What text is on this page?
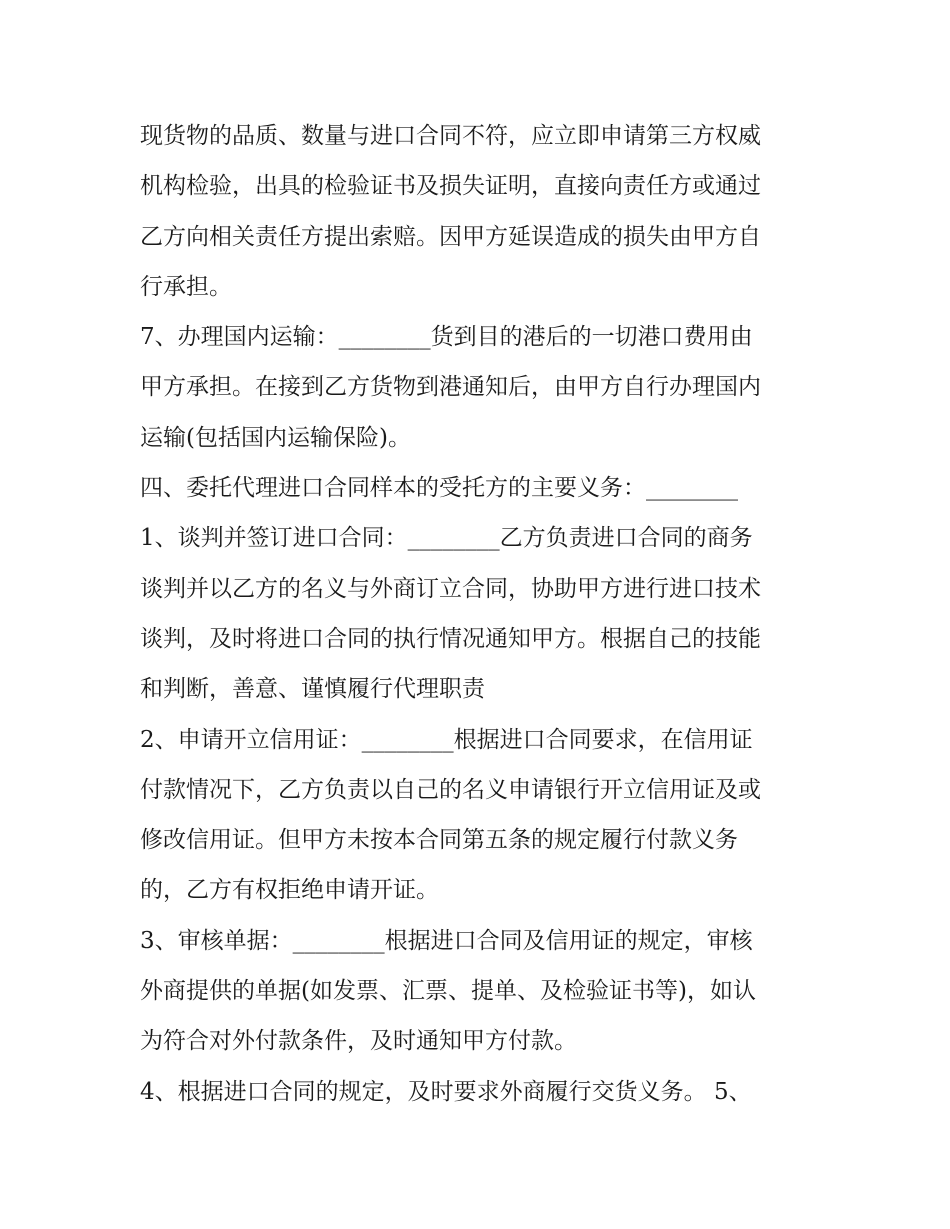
现货物的品质、数量与进口合同不符，应立即申请第三方权威
机构检验，出具的检验证书及损失证明，直接向责任方或通过
乙方向相关责任方提出索赔。因甲方延误造成的损失由甲方自
行承担。
7、办理国内运输：________货到目的港后的一切港口费用由
甲方承担。在接到乙方货物到港通知后，由甲方自行办理国内
运输(包括国内运输保险)。
四、委托代理进口合同样本的受托方的主要义务：________
1、谈判并签订进口合同：________乙方负责进口合同的商务
谈判并以乙方的名义与外商订立合同，协助甲方进行进口技术
谈判，及时将进口合同的执行情况通知甲方。根据自己的技能
和判断，善意、谨慎履行代理职责
2、申请开立信用证：________根据进口合同要求，在信用证
付款情况下，乙方负责以自己的名义申请银行开立信用证及或
修改信用证。但甲方未按本合同第五条的规定履行付款义务
的，乙方有权拒绝申请开证。
3、审核单据：________根据进口合同及信用证的规定，审核
外商提供的单据(如发票、汇票、提单、及检验证书等)，如认
为符合对外付款条件，及时通知甲方付款。
4、根据进口合同的规定，及时要求外商履行交货义务。 5、
